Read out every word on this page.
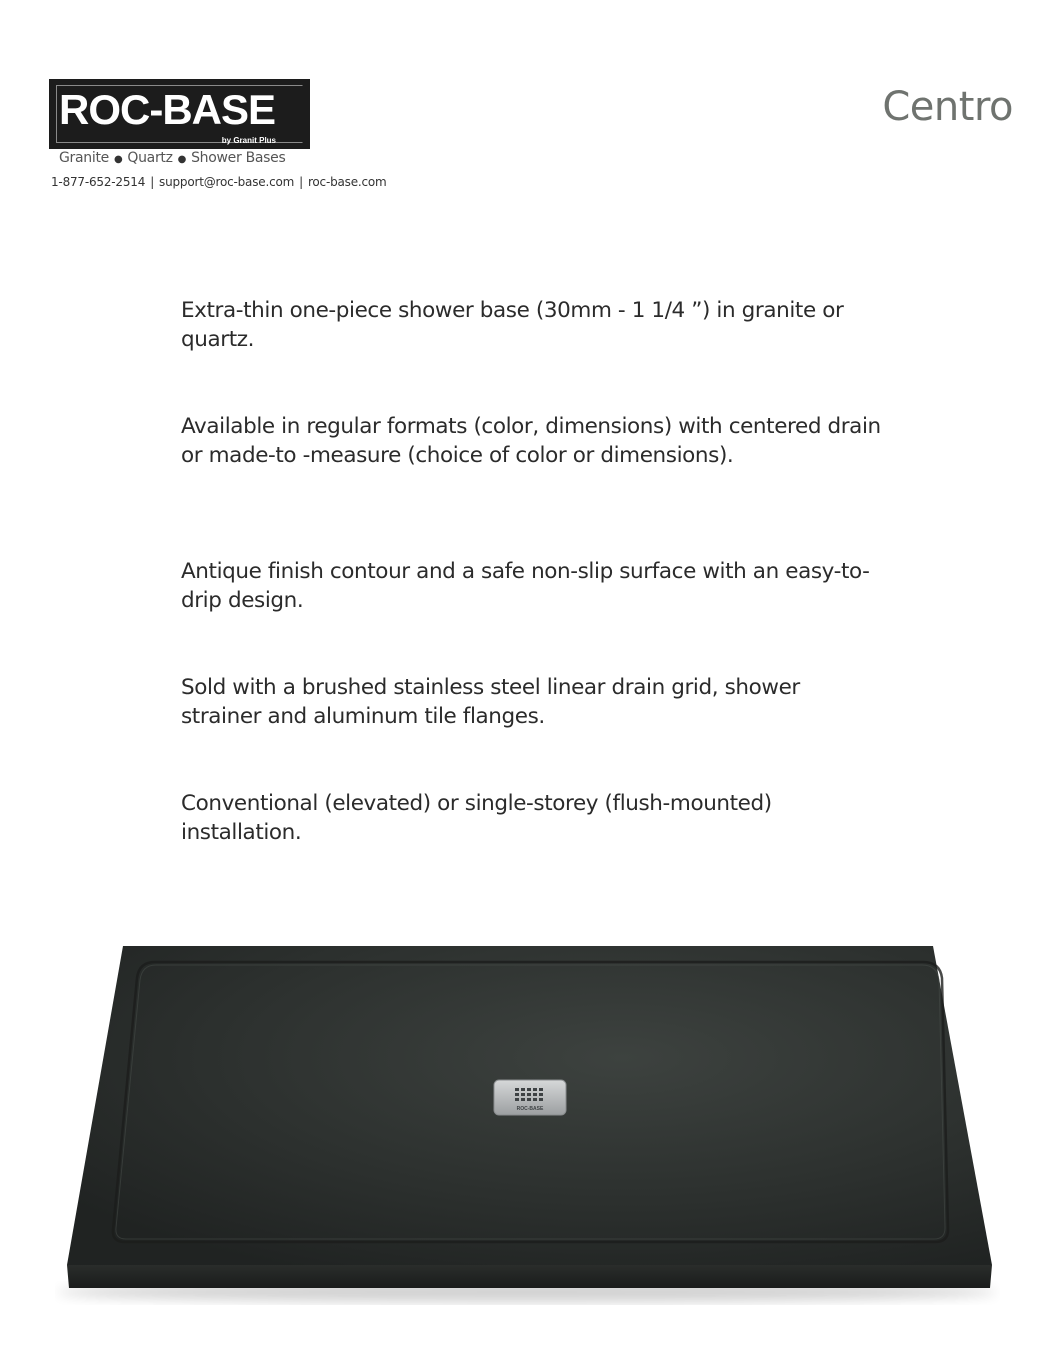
ROC-BASE
by Granit Plus
Granite ● Quartz ● Shower Bases
1-877-652-2514 | support@roc-base.com | roc-base.com
Centro
Extra-thin one-piece shower base (30mm - 1 1/4 ”) in granite or quartz.
Available in regular formats (color, dimensions) with centered drain or made-to -measure (choice of color or dimensions).
Antique finish contour and a safe non-slip surface with an easy-to-drip design.
Sold with a brushed stainless steel linear drain grid, shower strainer and aluminum tile flanges.
Conventional (elevated) or single-storey (flush-mounted) installation.
ROC-BASE
